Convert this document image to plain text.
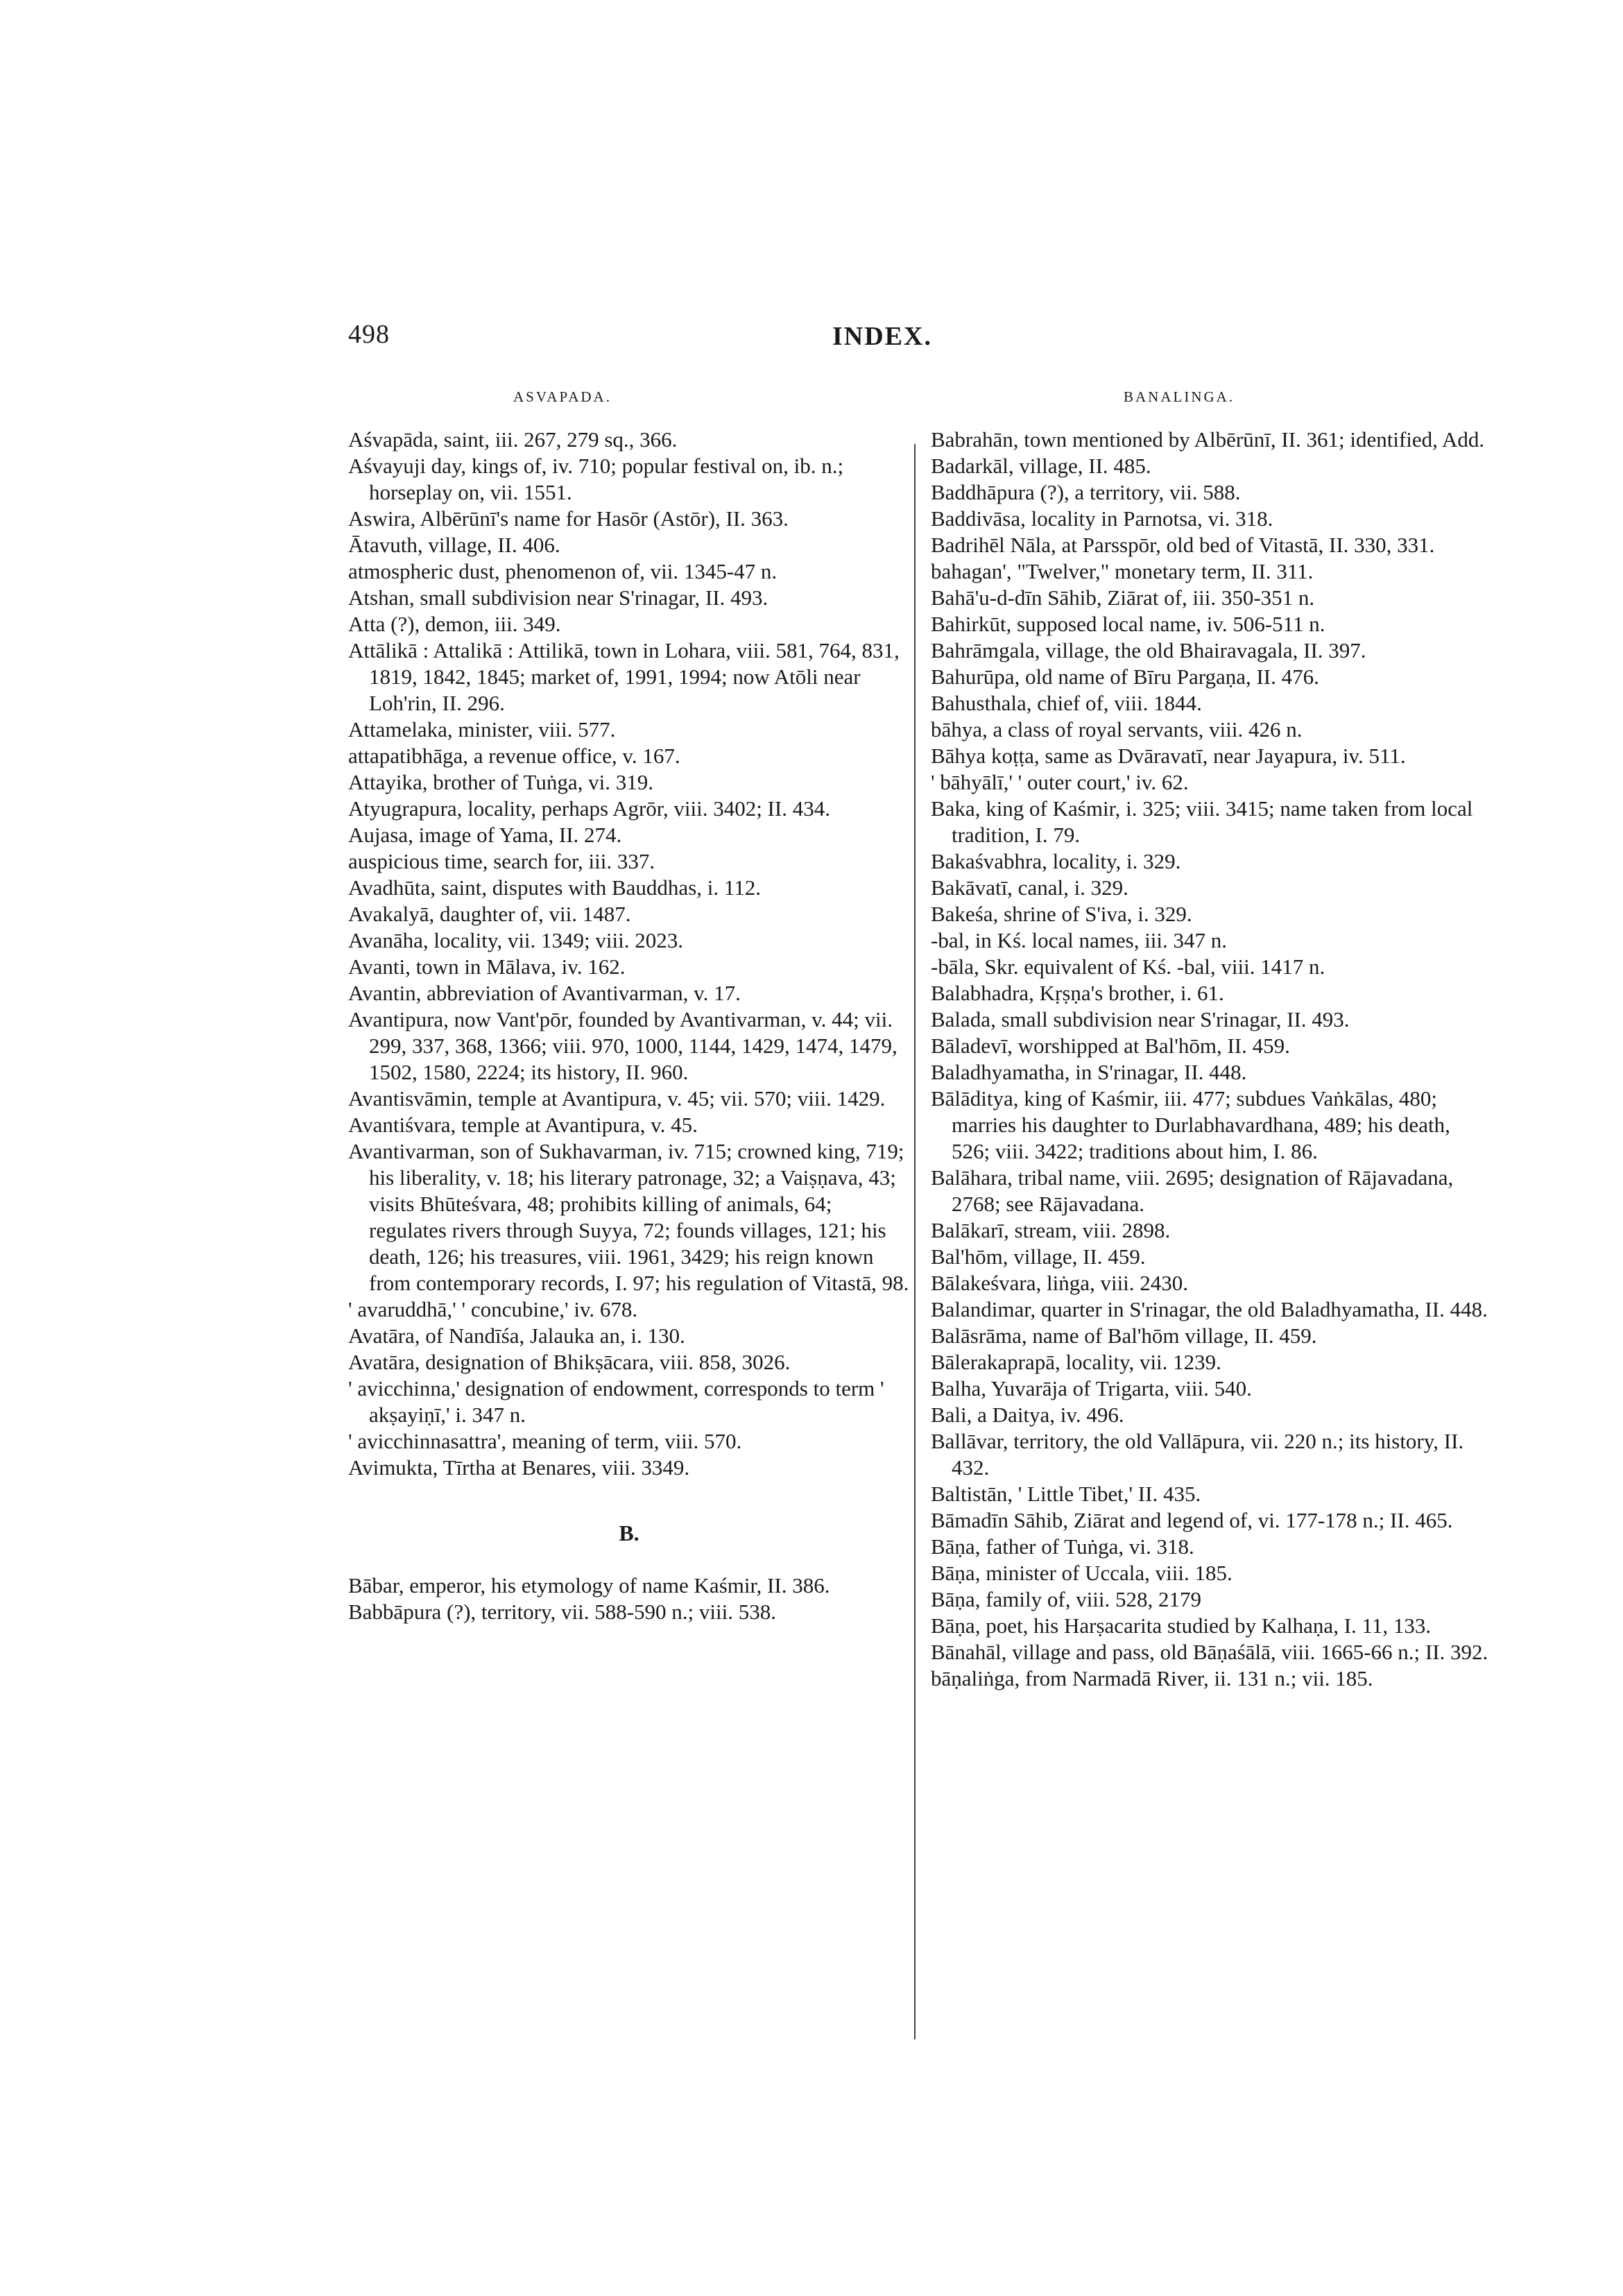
498	INDEX.
ASVAPADA.	BANALINGA.

Aśvapāda, saint, iii. 267, 279 sq., 366.

Aśvayuji day, kings of, iv. 710; popular festival on, ib. n.; horseplay on, vii. 1551.

Aswira, Albērūnī's name for Hasōr (Astōr), II. 363.

Ātavuth, village, II. 406.

atmospheric dust, phenomenon of, vii. 1345-47 n.

Atshan, small subdivision near S'rinagar, II. 493.

Atta (?), demon, iii. 349.

Attālikā : Attalikā : Attilikā, town in Lohara, viii. 581, 764, 831, 1819, 1842, 1845; market of, 1991, 1994; now Atōli near Loh'rin, II. 296.

Attamelaka, minister, viii. 577.

attapatibhāga, a revenue office, v. 167.

Attayika, brother of Tuṅga, vi. 319.

Atyugrapura, locality, perhaps Agrōr, viii. 3402; II. 434.

Aujasa, image of Yama, II. 274.

auspicious time, search for, iii. 337.

Avadhūta, saint, disputes with Bauddhas, i. 112.

Avakalyā, daughter of, vii. 1487.

Avanāha, locality, vii. 1349; viii. 2023.

Avanti, town in Mālava, iv. 162.

Avantin, abbreviation of Avantivarman, v. 17.

Avantipura, now Vant'pōr, founded by Avantivarman, v. 44; vii. 299, 337, 368, 1366; viii. 970, 1000, 1144, 1429, 1474, 1479, 1502, 1580, 2224; its history, II. 960.

Avantisvāmin, temple at Avantipura, v. 45; vii. 570; viii. 1429.

Avantiśvara, temple at Avantipura, v. 45.

Avantivarman, son of Sukhavarman, iv. 715; crowned king, 719; his liberality, v. 18; his literary patronage, 32; a Vaiṣṇava, 43; visits Bhūteśvara, 48; prohibits killing of animals, 64; regulates rivers through Suyya, 72; founds villages, 121; his death, 126; his treasures, viii. 1961, 3429; his reign known from contemporary records, I. 97; his regulation of Vitastā, 98.

' avaruddhā,' ' concubine,' iv. 678.

Avatāra, of Nandīśa, Jalauka an, i. 130.

Avatāra, designation of Bhikṣācara, viii. 858, 3026.

' avicchinna,' designation of endowment, corresponds to term ' akṣayiṇī,' i. 347 n.

' avicchinnasattra', meaning of term, viii. 570.

Avimukta, Tīrtha at Benares, viii. 3349.

B.

Bābar, emperor, his etymology of name Kaśmir, II. 386.

Babbāpura (?), territory, vii. 588-590 n.; viii. 538.

Babrahān, town mentioned by Albērūnī, II. 361; identified, Add.

Badarkāl, village, II. 485.

Baddhāpura (?), a territory, vii. 588.

Baddivāsa, locality in Parnotsa, vi. 318.

Badrihēl Nāla, at Parsspōr, old bed of Vitastā, II. 330, 331.

bahagan', "Twelver," monetary term, II. 311.

Bahā'u-d-dīn Sāhib, Ziārat of, iii. 350-351 n.

Bahirkūt, supposed local name, iv. 506-511 n.

Bahrāmgala, village, the old Bhairavagala, II. 397.

Bahurūpa, old name of Bīru Pargaṇa, II. 476.

Bahusthala, chief of, viii. 1844.

bāhya, a class of royal servants, viii. 426 n.

Bāhya koṭṭa, same as Dvāravatī, near Jayapura, iv. 511.

' bāhyālī,' ' outer court,' iv. 62.

Baka, king of Kaśmir, i. 325; viii. 3415; name taken from local tradition, I. 79.

Bakaśvabhra, locality, i. 329.

Bakāvatī, canal, i. 329.

Bakeśa, shrine of S'iva, i. 329.

-bal, in Kś. local names, iii. 347 n.

-bāla, Skr. equivalent of Kś. -bal, viii. 1417 n.

Balabhadra, Kṛṣṇa's brother, i. 61.

Balada, small subdivision near S'rinagar, II. 493.

Bāladevī, worshipped at Bal'hōm, II. 459.

Baladhyamatha, in S'rinagar, II. 448.

Bālāditya, king of Kaśmir, iii. 477; subdues Vaṅkālas, 480; marries his daughter to Durlabhavardhana, 489; his death, 526; viii. 3422; traditions about him, I. 86.

Balāhara, tribal name, viii. 2695; designation of Rājavadana, 2768; see Rājavadana.

Balākarī, stream, viii. 2898.

Bal'hōm, village, II. 459.

Bālakeśvara, liṅga, viii. 2430.

Balandimar, quarter in S'rinagar, the old Baladhyamatha, II. 448.

Balāsrāma, name of Bal'hōm village, II. 459.

Bālerakaprapā, locality, vii. 1239.

Balha, Yuvarāja of Trigarta, viii. 540.

Bali, a Daitya, iv. 496.

Ballāvar, territory, the old Vallāpura, vii. 220 n.; its history, II. 432.

Baltistān, ' Little Tibet,' II. 435.

Bāmadīn Sāhib, Ziārat and legend of, vi. 177-178 n.; II. 465.

Bāṇa, father of Tuṅga, vi. 318.

Bāṇa, minister of Uccala, viii. 185.

Bāṇa, family of, viii. 528, 2179

Bāṇa, poet, his Harṣacarita studied by Kalhaṇa, I. 11, 133.

Bānahāl, village and pass, old Bāṇaśālā, viii. 1665-66 n.; II. 392.

bāṇaliṅga, from Narmadā River, ii. 131 n.; vii. 185.
